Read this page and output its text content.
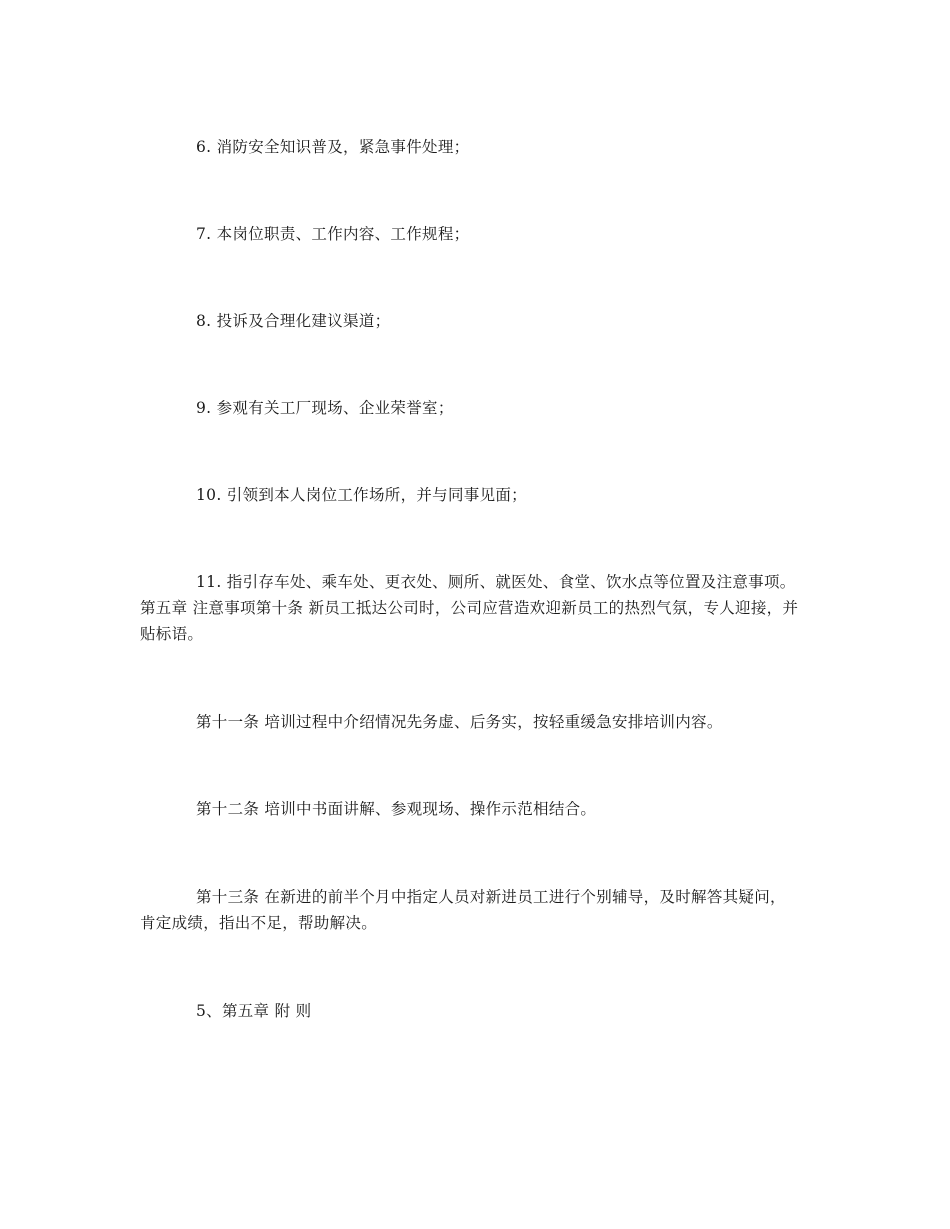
6. 消防安全知识普及，紧急事件处理；

7. 本岗位职责、工作内容、工作规程；

8. 投诉及合理化建议渠道；

9. 参观有关工厂现场、企业荣誉室；

10. 引领到本人岗位工作场所，并与同事见面；

11. 指引存车处、乘车处、更衣处、厕所、就医处、食堂、饮水点等位置及注意事项。第五章 注意事项第十条 新员工抵达公司时，公司应营造欢迎新员工的热烈气氛，专人迎接，并贴标语。

第十一条 培训过程中介绍情况先务虚、后务实，按轻重缓急安排培训内容。

第十二条 培训中书面讲解、参观现场、操作示范相结合。

第十三条 在新进的前半个月中指定人员对新进员工进行个别辅导，及时解答其疑问，肯定成绩，指出不足，帮助解决。

5、第五章 附 则
